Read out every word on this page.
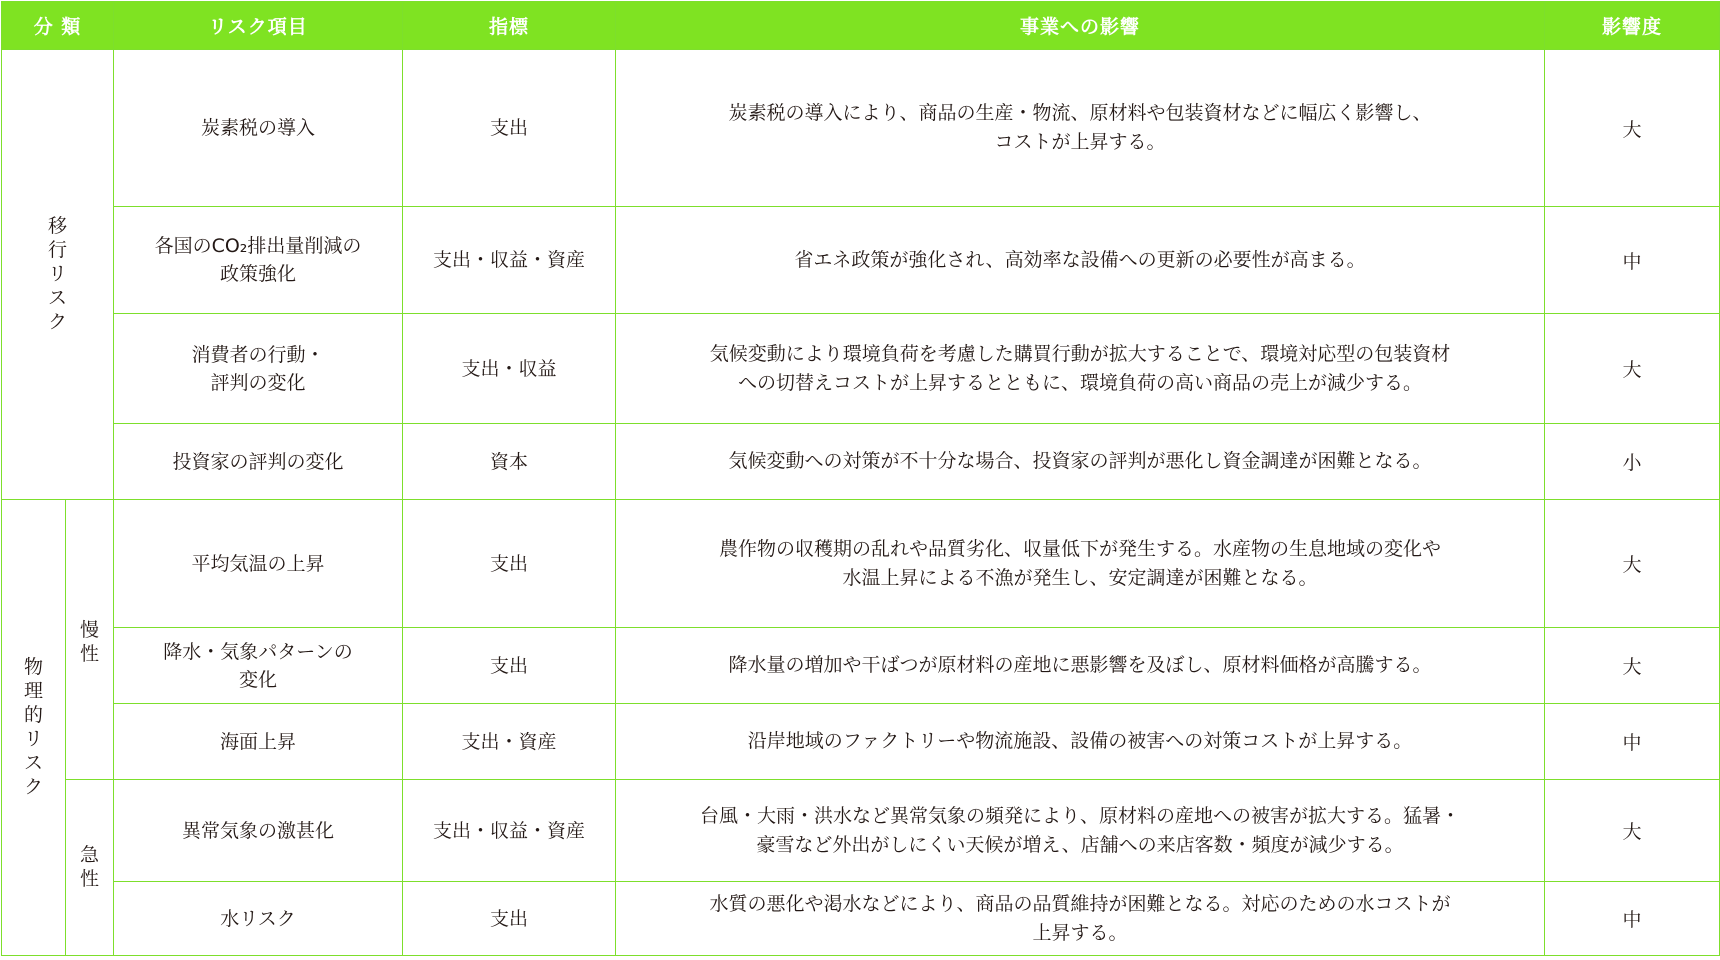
分 類		リスク項目	指標	事業への影響	影響度
移行リスク		炭素税の導入	支出	炭素税の導入により、商品の生産・物流、原材料や包装資材などに幅広く影響し、
コストが上昇する。	大

		各国のCO₂排出量削減の
政策強化	支出・収益・資産	省エネ政策が強化され、高効率な設備への更新の必要性が高まる。	中

		消費者の行動・
評判の変化	支出・収益	気候変動により環境負荷を考慮した購買行動が拡大することで、環境対応型の包装資材
への切替えコストが上昇するとともに、環境負荷の高い商品の売上が減少する。	大

		投資家の評判の変化	資本	気候変動への対策が不十分な場合、投資家の評判が悪化し資金調達が困難となる。	小
物理的リスク	慢性	平均気温の上昇	支出	農作物の収穫期の乱れや品質劣化、収量低下が発生する。水産物の生息地域の変化や
水温上昇による不漁が発生し、安定調達が困難となる。	大

		降水・気象パターンの
変化	支出	降水量の増加や干ばつが原材料の産地に悪影響を及ぼし、原材料価格が高騰する。	大

		海面上昇	支出・資産	沿岸地域のファクトリーや物流施設、設備の被害への対策コストが上昇する。	中
	急性	異常気象の激甚化	支出・収益・資産	台風・大雨・洪水など異常気象の頻発により、原材料の産地への被害が拡大する。猛暑・
豪雪など外出がしにくい天候が増え、店舗への来店客数・頻度が減少する。	大

		水リスク	支出	水質の悪化や渇水などにより、商品の品質維持が困難となる。対応のための水コストが
上昇する。	中
